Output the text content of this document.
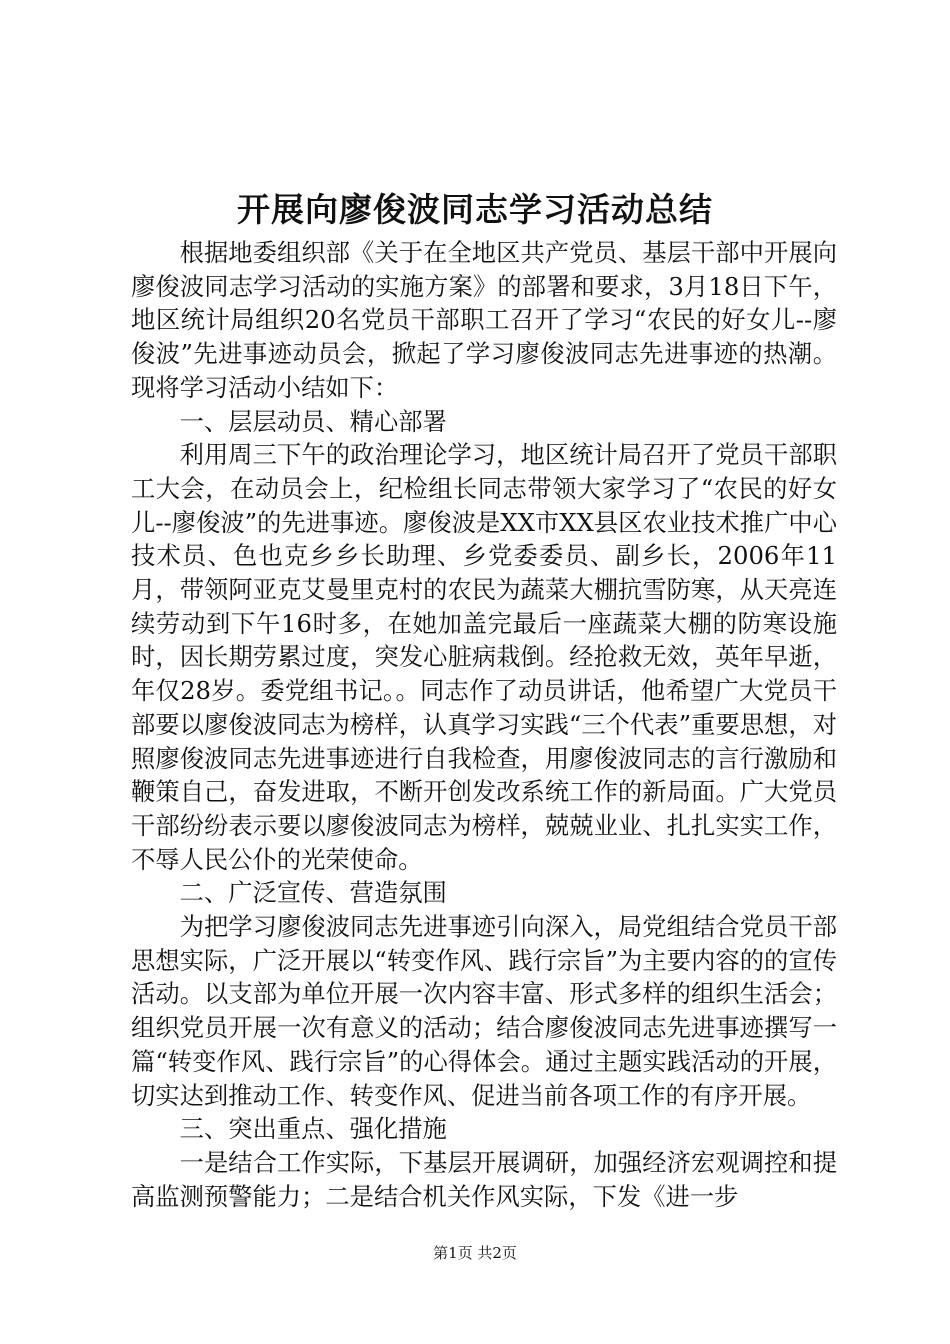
开展向廖俊波同志学习活动总结

根据地委组织部《关于在全地区共产党员、基层干部中开展向廖俊波同志学习活动的实施方案》的部署和要求，3月18日下午，地区统计局组织20名党员干部职工召开了学习“农民的好女儿--廖俊波”先进事迹动员会，掀起了学习廖俊波同志先进事迹的热潮。现将学习活动小结如下：

一、层层动员、精心部署

利用周三下午的政治理论学习，地区统计局召开了党员干部职工大会，在动员会上，纪检组长同志带领大家学习了“农民的好女儿--廖俊波”的先进事迹。廖俊波是XX市XX县区农业技术推广中心技术员、色也克乡乡长助理、乡党委委员、副乡长，2006年11月，带领阿亚克艾曼里克村的农民为蔬菜大棚抗雪防寒，从天亮连续劳动到下午16时多，在她加盖完最后一座蔬菜大棚的防寒设施时，因长期劳累过度，突发心脏病栽倒。经抢救无效，英年早逝，年仅28岁。委党组书记。。同志作了动员讲话，他希望广大党员干部要以廖俊波同志为榜样，认真学习实践“三个代表”重要思想，对照廖俊波同志先进事迹进行自我检查，用廖俊波同志的言行激励和鞭策自己，奋发进取，不断开创发改系统工作的新局面。广大党员干部纷纷表示要以廖俊波同志为榜样，兢兢业业、扎扎实实工作，不辱人民公仆的光荣使命。

二、广泛宣传、营造氛围

为把学习廖俊波同志先进事迹引向深入，局党组结合党员干部思想实际，广泛开展以“转变作风、践行宗旨”为主要内容的的宣传活动。以支部为单位开展一次内容丰富、形式多样的组织生活会；组织党员开展一次有意义的活动；结合廖俊波同志先进事迹撰写一篇“转变作风、践行宗旨”的心得体会。通过主题实践活动的开展，切实达到推动工作、转变作风、促进当前各项工作的有序开展。

三、突出重点、强化措施

一是结合工作实际，下基层开展调研，加强经济宏观调控和提高监测预警能力；二是结合机关作风实际，下发《进一步

第1页 共2页
